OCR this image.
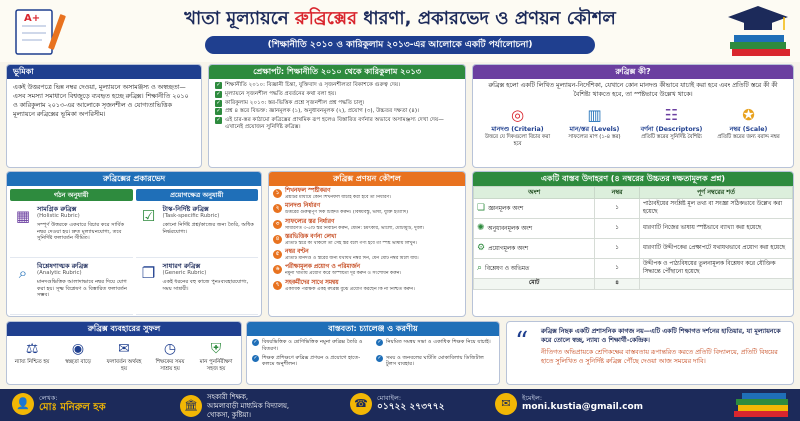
A+	খাতা মূল্যায়নে রুব্রিক্সের ধারণা, প্রকারভেদ ও প্রণয়ন কৌশল
(শিক্ষানীতি ২০১০ ও কারিকুলাম ২০১৩-এর আলোকে একটি পর্যালোচনা)
ভূমিকা
একই উত্তরপত্রে ভিন্ন নম্বর দেওয়া, মূল্যায়নে অসামঞ্জস্য ও অস্বচ্ছতা—এসব সমস্যা সমাধানে বিশ্বজুড়ে ব্যবহৃত হচ্ছে রুব্রিক্স। শিক্ষানীতি ২০১০ ও কারিকুলাম ২০১৩-এর আলোকে সৃজনশীল ও যোগ্যতাভিত্তিক মূল্যায়নে রুব্রিক্সের ভূমিকা অপরিসীম।
প্রেক্ষাপট: শিক্ষানীতি ২০১০ থেকে কারিকুলাম ২০১৩
✓ শিক্ষানীতি ২০১০: বিজ্ঞানী চিন্তা, যুক্তিবাদ ও সৃজনশীলতা বিকাশকে গুরুত্ব দেয়।
✓ মূল্যায়নে সৃজনশীল পদ্ধতি প্রবর্তনের কথা বলা হয়।
✓ কারিকুলাম ২০১৩: স্তর-ভিত্তিক প্রশ্নে সৃজনশীল প্রশ্ন পদ্ধতি চালু।
✓ প্রশ্ন ৪ স্তরে বিভক্ত: জ্ঞানমূলক (১), অনুধাবনমূলক (২), প্রয়োগ (৩), উচ্চতর দক্ষতা (৪)।
✓ এই চার-স্তর কাঠামো রুব্রিক্সের প্রাথমিক রূপ হলেও বিস্তারিত বর্ণনার অভাবে অসামঞ্জস্য দেখা দেয়—এখানেই প্রয়োজন সুনির্দিষ্ট রুব্রিক্স।
রুব্রিক্স কী?
রুব্রিক্স হলো একটি লিখিত মূল্যায়ন-নির্দেশিকা, যেখানে কোন মানদণ্ড কীভাবে যাচাই করা হবে এবং প্রতিটি স্তরে কী কী বৈশিষ্ট্য থাকতে হবে, তা স্পষ্টভাবে উল্লেখ থাকে।
◎
মানদণ্ড (Criteria)
উত্তরে যে দিকগুলো বিচার করা হবে
▥
মান/স্তর (Levels)
সাফল্যের মাপ (১-৪ স্তর)
☷
বর্ণনা (Descriptors)
প্রতিটি স্তরের সুনির্দিষ্ট বৈশিষ্ট্য
✪
নম্বর (Scale)
প্রতিটি স্তরের জন্য বরাদ্দ নম্বর
রুব্রিক্সের প্রকারভেদ
গঠন অনুযায়ী
▦	সামগ্রিক রুব্রিক্স
(Holistic Rubric)
সম্পূর্ণ উত্তরকে একবারে বিচার করে সার্বিক নম্বর দেওয়া হয়। দ্রুত মূল্যায়নযোগ্য, তবে সুনির্দিষ্ট ফলাবর্তন সীমিত।
⌕	বিশ্লেষণাত্মক রুব্রিক্স
(Analytic Rubric)
মানদণ্ডভিত্তিক আলাদাভাবে নম্বর দিয়ে যোগ করা হয়। সূক্ষ্ম বিশ্লেষণ ও বিস্তারিত ফলাবর্তন সম্ভব।
প্রয়োগক্ষেত্র অনুযায়ী
☑	টাস্ক-নির্দিষ্ট রুব্রিক্স
(Task-specific Rubric)
কোনো নির্দিষ্ট প্রশ্ন/কাজের জন্য তৈরি, অধিক নির্ভরযোগ্য।
❐	সাধারণ রুব্রিক্স
(Generic Rubric)
একই ধরনের বহু কাজে পুনঃব্যবহারযোগ্য, সময় সাশ্রয়ী।
রুব্রিক্স প্রণয়ন কৌশল
১ শিখনফল স্পষ্টীকরণ
প্রশ্নটির মাধ্যমে কোন শিখনফল যাচাই করা হবে তা নির্ধারণ।
২ মানদণ্ড নির্ধারণ
উত্তরের গুরুত্বপূর্ণ দিক চিহ্নিত করুন। (বিষয়বস্তু, ভাষা, যুক্তি ইত্যাদি)
৩ সাফল্যের স্তর নির্ধারণ
সাধারণত ৩-৫টি স্তর নির্বাচন করুন, যেমন: চমৎকার, ভালো, মোটামুটি, দুর্বল।
৪ স্তরভিত্তিক বর্ণনা লেখা
প্রতিটি স্তরে কী থাকলে তা সেই স্তর বলে গণ্য হবে তা স্পষ্ট ভাষায় লিখুন।
৫ নম্বর বণ্টন
প্রতিটি মানদণ্ড ও স্তরের জন্য যথাযথ নম্বর দিন, যেন মোট নম্বর মিলে যায়।
৬ পরীক্ষামূলক প্রয়োগ ও পরিমার্জন
নমুনা খাতায় প্রয়োগ করে অস্পষ্টতা দূর করুন ও সংশোধন করুন।
৭ সহকর্মীদের সাথে সমন্বয়
একাধিক পরীক্ষক একই রুব্রিক্স বুঝে প্রয়োগ করছেন কি না নিশ্চিত করুন।
একটি বাস্তব উদাহরণ (৪ নম্বরের উচ্চতর দক্ষতামূলক প্রশ্ন)
অংশ	নম্বর	পূর্ণ নম্বরের শর্ত
❏ জ্ঞানমূলক অংশ	১	পাঠ্যবইয়ের সংশ্লিষ্ট মূল তথ্য বা সংজ্ঞা সঠিকভাবে উল্লেখ করা হয়েছে
✺ অনুধাবনমূলক অংশ	১	ধারণাটি নিজের ভাষায় স্পষ্টভাবে ব্যাখ্যা করা হয়েছে
⚙ প্রয়োগমূলক অংশ	১	ধারণাটি উদ্দীপকের প্রেক্ষাপটে যথাযথভাবে প্রয়োগ করা হয়েছে
⌕ বিশ্লেষণ ও অভিমত	১	উদ্দীপক ও পাঠ্যবিষয়ের তুলনামূলক বিশ্লেষণ করে যৌক্তিক সিদ্ধান্তে পৌঁছানো হয়েছে
মোট	৪	
রুব্রিক্স ব্যবহারের সুফল
⚖
ন্যায্য নিশ্চিত হয়
◉
স্বচ্ছতা বাড়ে
✉
ফলাবর্তন অর্থবহ হয়
◷
শিক্ষকের সময় সাশ্রয় হয়
⛨
মান পুনর্নিরীক্ষণ সহজ হয়
বাস্তবতা: চ্যালেঞ্জ ও করণীয়
✓ বিষয়ভিত্তিক ও শ্রেণিভিত্তিক নমুনা রুব্রিক্স তৈরি ও বিতরণ।
✓ নিয়মিত সমন্বয় সভা ও একাধিক শিক্ষক নিয়ে যাচাই।
✓ শিক্ষক প্রশিক্ষণে রুব্রিক্স প্রণয়ন ও প্রয়োগে হাতে-কলমে অনুশীলন।
✓ সময় ও জনবলের ঘাটতি মোকাবিলায় ডিজিটাল টুলস ব্যবহার।
“ রুব্রিক্স নিছক একটি প্রশাসনিক কাগজ নয়—এটি একটি শিক্ষাগত দর্শনের হাতিয়ার, যা মূল্যায়নকে করে তোলে স্বচ্ছ, ন্যায্য ও শিক্ষার্থী-কেন্দ্রিক।
নীতিগত অভিপ্রায়কে শ্রেণিকক্ষের বাস্তবতায় রূপান্তরিত করতে প্রতিটি বিদ্যালয়ে, প্রতিটি বিষয়ের হাতে সুলিখিত ও সুনির্দিষ্ট রুব্রিক্স পৌঁছে দেওয়া আজ সময়ের দাবি।
👤	লেখক:
মোঃ মনিরুল হক	🏛
সহকারী শিক্ষক,
আমলাবাড়ী মাধ্যমিক বিদ্যালয়,
খোকসা, কুষ্টিয়া।
☎	মোবাইল:
০১৭২২ ২৭৩৭৭২	✉	ইমেইল:
moni.kustia@gmail.com
